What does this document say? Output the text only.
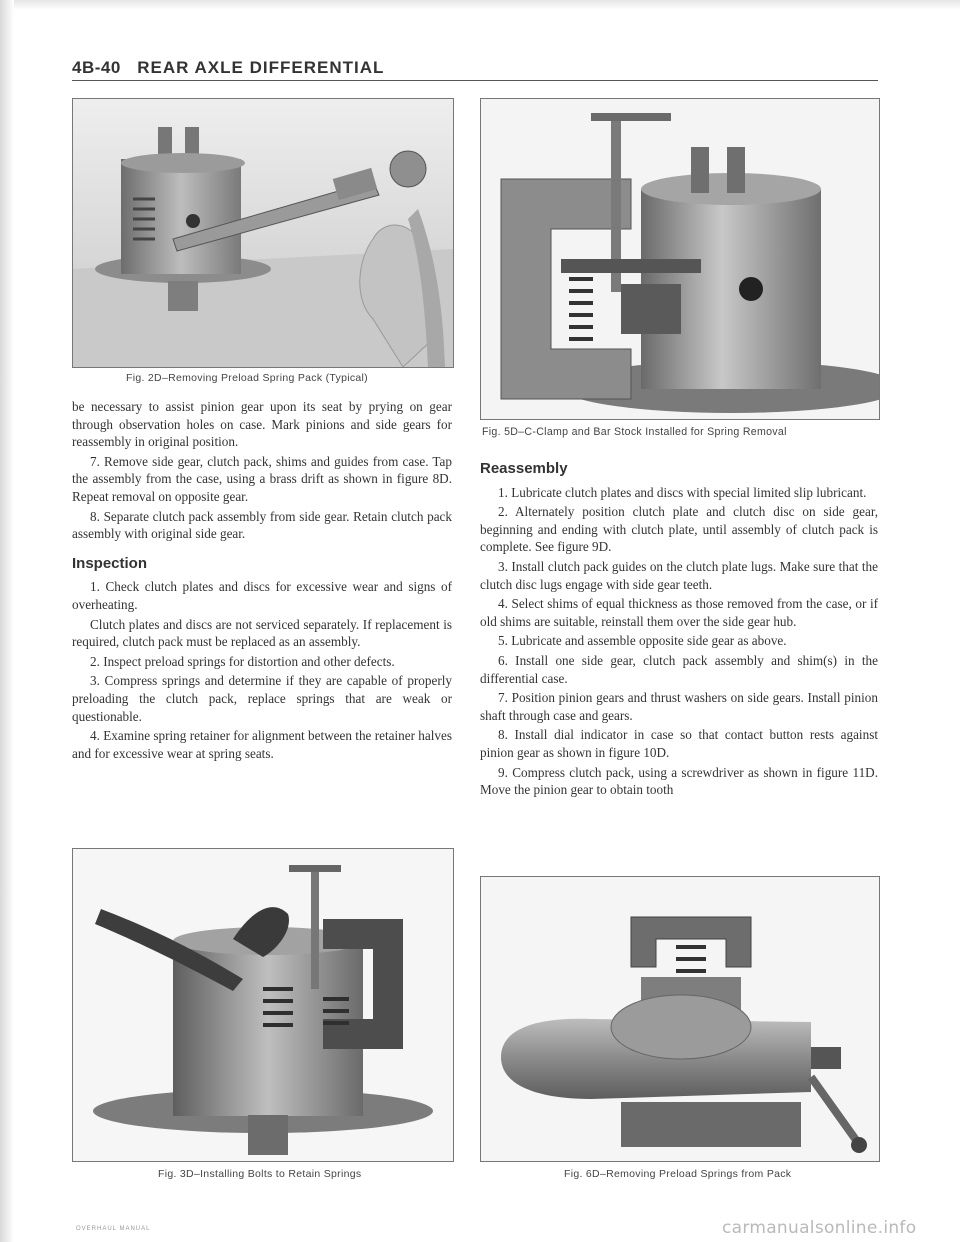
4B-40 REAR AXLE DIFFERENTIAL
Fig. 2D–Removing Preload Spring Pack (Typical)
Fig. 5D–C-Clamp and Bar Stock Installed for Spring Removal

be necessary to assist pinion gear upon its seat by prying on gear through observation holes on case. Mark pinions and side gears for reassembly in original position.

7. Remove side gear, clutch pack, shims and guides from case. Tap the assembly from the case, using a brass drift as shown in figure 8D. Repeat removal on opposite gear.

8. Separate clutch pack assembly from side gear. Retain clutch pack assembly with original side gear.

Inspection

1. Check clutch plates and discs for excessive wear and signs of overheating.

Clutch plates and discs are not serviced separately. If replacement is required, clutch pack must be replaced as an assembly.

2. Inspect preload springs for distortion and other defects.

3. Compress springs and determine if they are capable of properly preloading the clutch pack, replace springs that are weak or questionable.

4. Examine spring retainer for alignment between the retainer halves and for excessive wear at spring seats.

Reassembly

1. Lubricate clutch plates and discs with special limited slip lubricant.

2. Alternately position clutch plate and clutch disc on side gear, beginning and ending with clutch plate, until assembly of clutch pack is complete. See figure 9D.

3. Install clutch pack guides on the clutch plate lugs. Make sure that the clutch disc lugs engage with side gear teeth.

4. Select shims of equal thickness as those removed from the case, or if old shims are suitable, reinstall them over the side gear hub.

5. Lubricate and assemble opposite side gear as above.

6. Install one side gear, clutch pack assembly and shim(s) in the differential case.

7. Position pinion gears and thrust washers on side gears. Install pinion shaft through case and gears.

8. Install dial indicator in case so that contact button rests against pinion gear as shown in figure 10D.

9. Compress clutch pack, using a screwdriver as shown in figure 11D. Move the pinion gear to obtain tooth

Fig. 3D–Installing Bolts to Retain Springs	Fig. 6D–Removing Preload Springs from Pack
OVERHAUL MANUAL	carmanualsonline.info
